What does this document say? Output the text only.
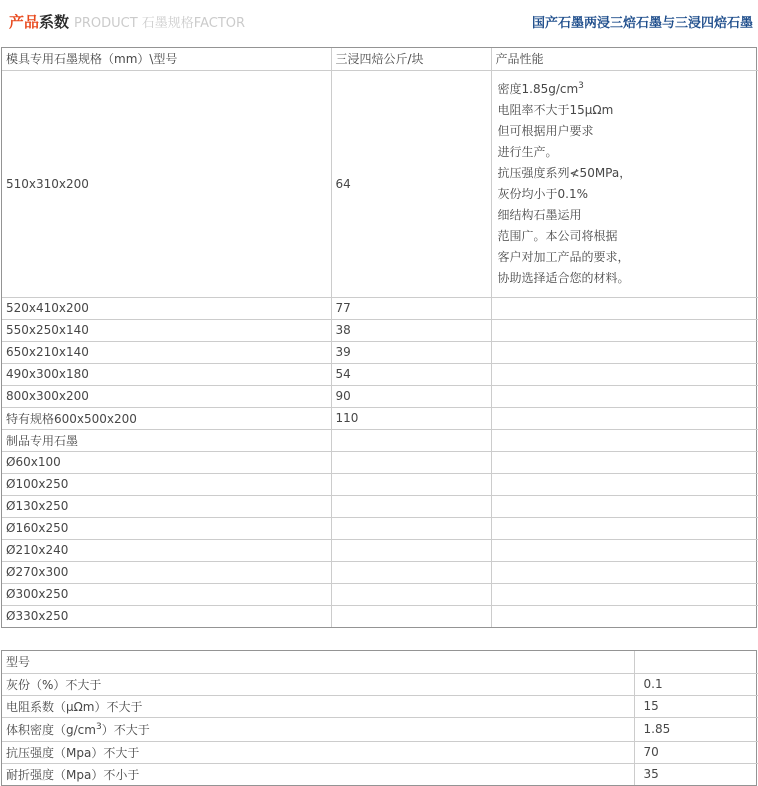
产品系数 PRODUCT 石墨规格FACTOR	国产石墨两浸三焙石墨与三浸四焙石墨
模具专用石墨规格（mm）\型号	三浸四焙公斤/块	产品性能
510x310x200	64	密度$1.85g/cm^3$
电阻率不大于15μΩm
但可根据用户要求
进行生产。
抗压强度系列≮50MPa，
灰份均小于0.1%
细结构石墨运用
范围广。本公司将根据
客户对加工产品的要求，
协助选择适合您的材料。
520x410x200	77	
550x250x140	38	
650x210x140	39	
490x300x180	54	
800x300x200	90	
特有规格600x500x200	110	
制品专用石墨		
Ø60x100		
Ø100x250		
Ø130x250		
Ø160x250		
Ø210x240		
Ø270x300		
Ø300x250		
Ø330x250		
型号	
灰份（%）不大于	0.1
电阻系数（μΩm）不大于	15
体积密度$(g/cm^3)$不大于	1.85
抗压强度（Mpa）不大于	70
耐折强度（Mpa）不小于	35
